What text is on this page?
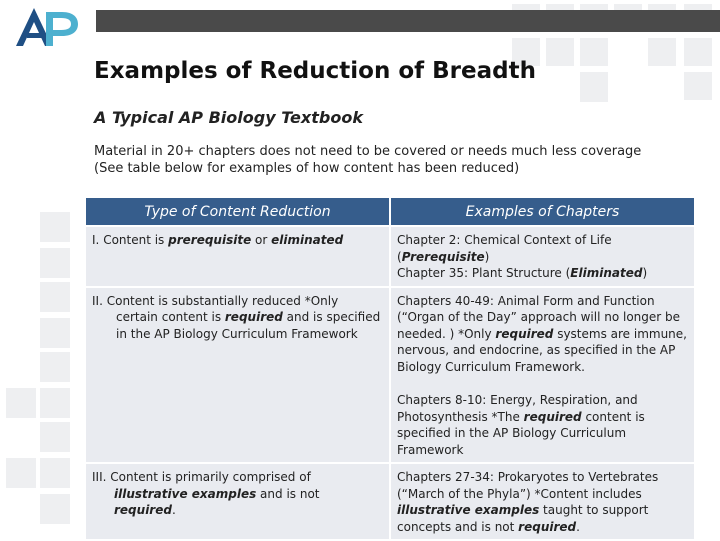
Examples of Reduction of Breadth
A Typical AP Biology Textbook

Material in 20+ chapters does not need to be covered or needs much less coverage (See table below for examples of how content has been reduced)

Type of Content Reduction	Examples of Chapters

I. Content is prerequisite or eliminated	Chapter 2: Chemical Context of Life (Prerequisite)
Chapter 35: Plant Structure (Eliminated)

II. Content is substantially reduced *Only certain content is required and is specified in the AP Biology Curriculum Framework	Chapters 40-49: Animal Form and Function (“Organ of the Day” approach will no longer be needed. ) *Only required systems are immune, nervous, and endocrine, as specified in the AP Biology Curriculum Framework.
Chapters 8-10: Energy, Respiration, and Photosynthesis *The required content is specified in the AP Biology Curriculum Framework

III. Content is primarily comprised of illustrative examples and is not required.	Chapters 27-34: Prokaryotes to Vertebrates (“March of the Phyla”) *Content includes illustrative examples taught to support concepts and is not required.
